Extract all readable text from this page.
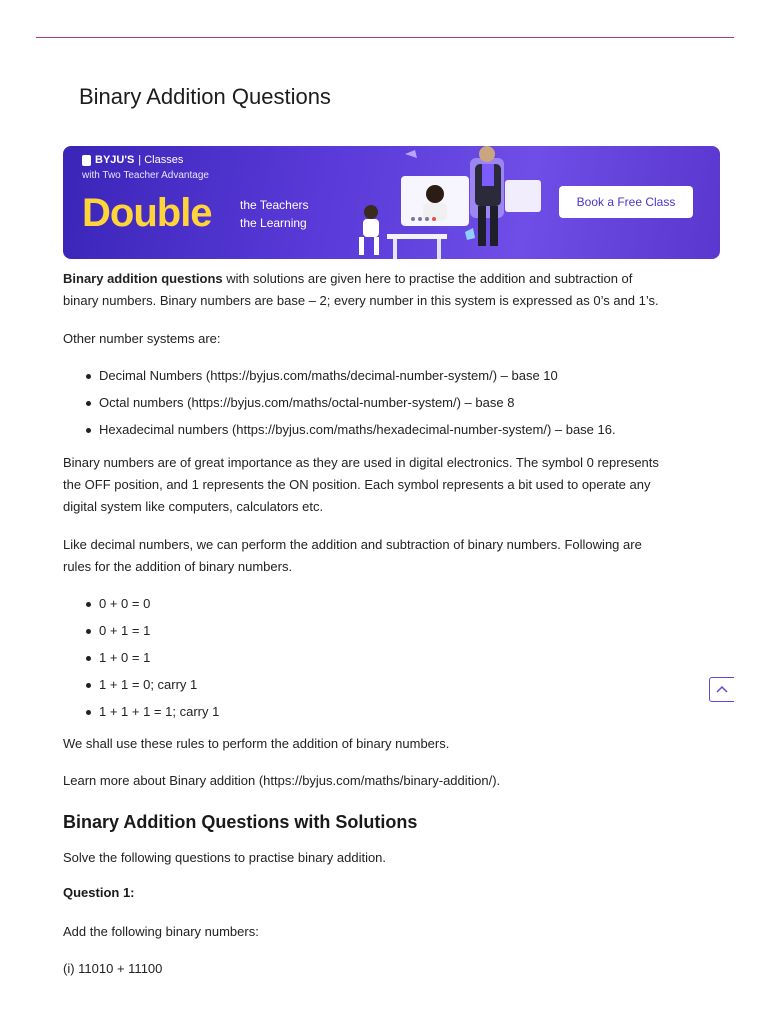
Binary Addition Questions
BYJU'S | Classes
with Two Teacher Advantage
Double the Teachers
the Learning
Book a Free Class

Binary addition questions with solutions are given here to practise the addition and subtraction of

binary numbers. Binary numbers are base – 2; every number in this system is expressed as 0’s and 1’s.

Other number systems are:

Decimal Numbers (https://byjus.com/maths/decimal-number-system/) – base 10
Octal numbers (https://byjus.com/maths/octal-number-system/) – base 8
Hexadecimal numbers (https://byjus.com/maths/hexadecimal-number-system/) – base 16.

Binary numbers are of great importance as they are used in digital electronics. The symbol 0 represents

the OFF position, and 1 represents the ON position. Each symbol represents a bit used to operate any

digital system like computers, calculators etc.

Like decimal numbers, we can perform the addition and subtraction of binary numbers. Following are

rules for the addition of binary numbers.

0 + 0 = 0
0 + 1 = 1
1 + 0 = 1
1 + 1 = 0; carry 1
1 + 1 + 1 = 1; carry 1

We shall use these rules to perform the addition of binary numbers.

Learn more about Binary addition (https://byjus.com/maths/binary-addition/).

Binary Addition Questions with Solutions

Solve the following questions to practise binary addition.

Question 1:

Add the following binary numbers:

(i) 11010 + 11100
